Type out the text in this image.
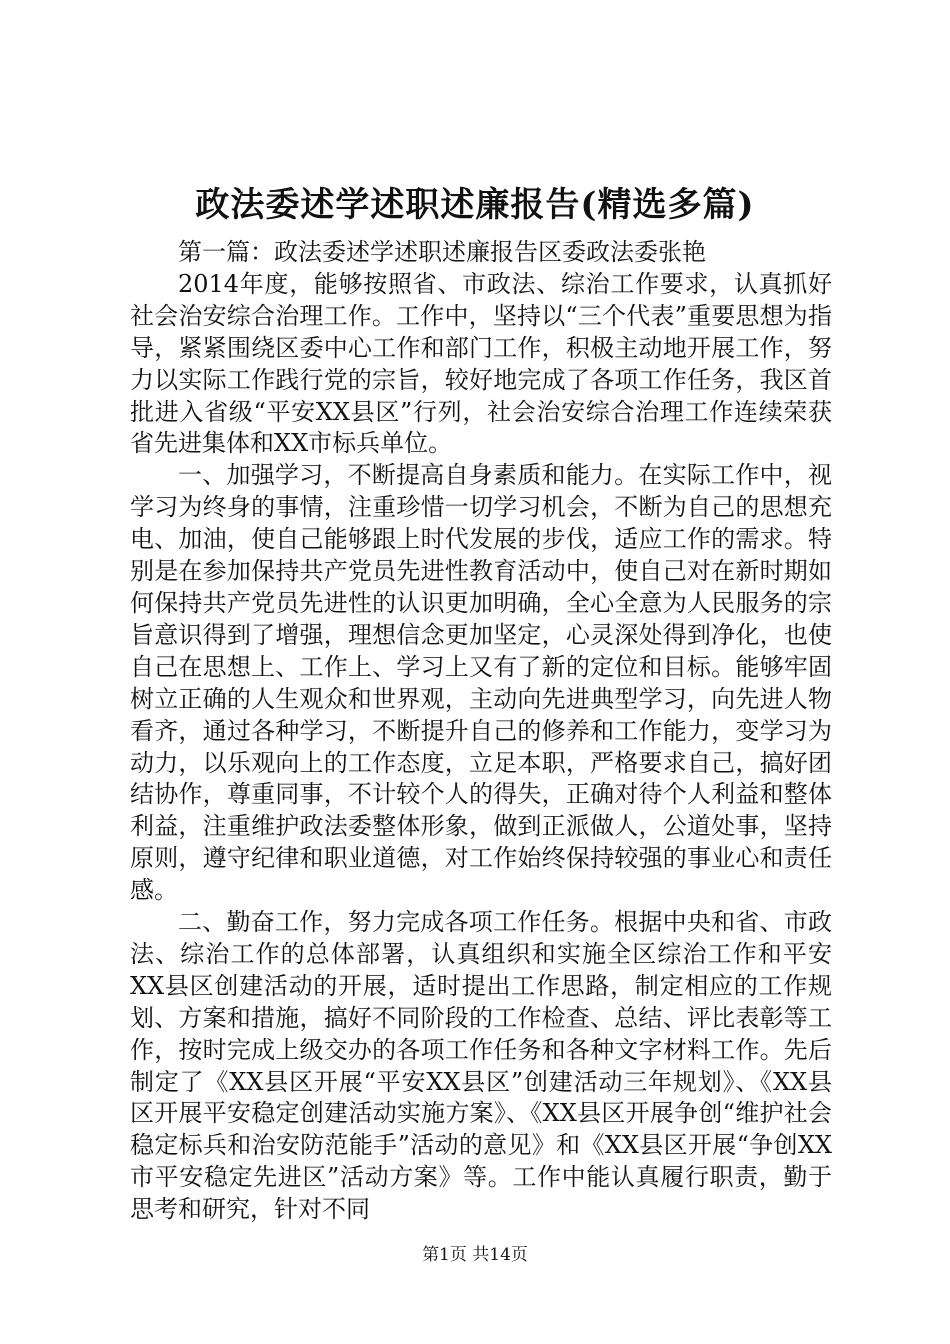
政法委述学述职述廉报告(精选多篇)

第一篇：政法委述学述职述廉报告区委政法委张艳

2014年度，能够按照省、市政法、综治工作要求，认真抓好社会治安综合治理工作。工作中，坚持以“三个代表”重要思想为指导，紧紧围绕区委中心工作和部门工作，积极主动地开展工作，努力以实际工作践行党的宗旨，较好地完成了各项工作任务，我区首批进入省级“平安XX县区”行列，社会治安综合治理工作连续荣获省先进集体和XX市标兵单位。

一、加强学习，不断提高自身素质和能力。在实际工作中，视学习为终身的事情，注重珍惜一切学习机会，不断为自己的思想充电、加油，使自己能够跟上时代发展的步伐，适应工作的需求。特别是在参加保持共产党员先进性教育活动中，使自己对在新时期如何保持共产党员先进性的认识更加明确，全心全意为人民服务的宗旨意识得到了增强，理想信念更加坚定，心灵深处得到净化，也使自己在思想上、工作上、学习上又有了新的定位和目标。能够牢固树立正确的人生观众和世界观，主动向先进典型学习，向先进人物看齐，通过各种学习，不断提升自己的修养和工作能力，变学习为动力，以乐观向上的工作态度，立足本职，严格要求自己，搞好团结协作，尊重同事，不计较个人的得失，正确对待个人利益和整体利益，注重维护政法委整体形象，做到正派做人，公道处事，坚持原则，遵守纪律和职业道德，对工作始终保持较强的事业心和责任感。

二、勤奋工作，努力完成各项工作任务。根据中央和省、市政法、综治工作的总体部署，认真组织和实施全区综治工作和平安XX县区创建活动的开展，适时提出工作思路，制定相应的工作规划、方案和措施，搞好不同阶段的工作检查、总结、评比表彰等工作，按时完成上级交办的各项工作任务和各种文字材料工作。先后制定了《XX县区开展“平安XX县区”创建活动三年规划》、《XX县区开展平安稳定创建活动实施方案》、《XX县区开展争创“维护社会稳定标兵和治安防范能手”活动的意见》和《XX县区开展“争创XX市平安稳定先进区”活动方案》等。工作中能认真履行职责，勤于思考和研究，针对不同

第1页 共14页
